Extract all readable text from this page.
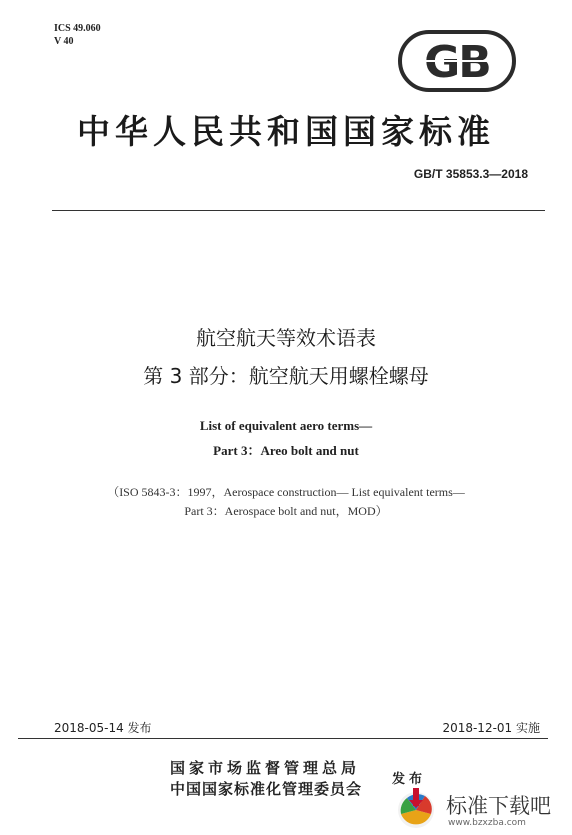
ICS 49.060
V 40	GB
中华人民共和国国家标准
GB/T 35853.3—2018
航空航天等效术语表
第 3 部分：航空航天用螺栓螺母
List of equivalent aero terms—
Part 3：Areo bolt and nut
（ISO 5843-3：1997，Aerospace construction— List equivalent terms—
Part 3：Aerospace bolt and nut，MOD）
2018-05-14 发布	2018-12-01 实施
国家市场监督管理总局
中国国家标准化管理委员会
发布
标准下载吧
www.bzxzba.com
